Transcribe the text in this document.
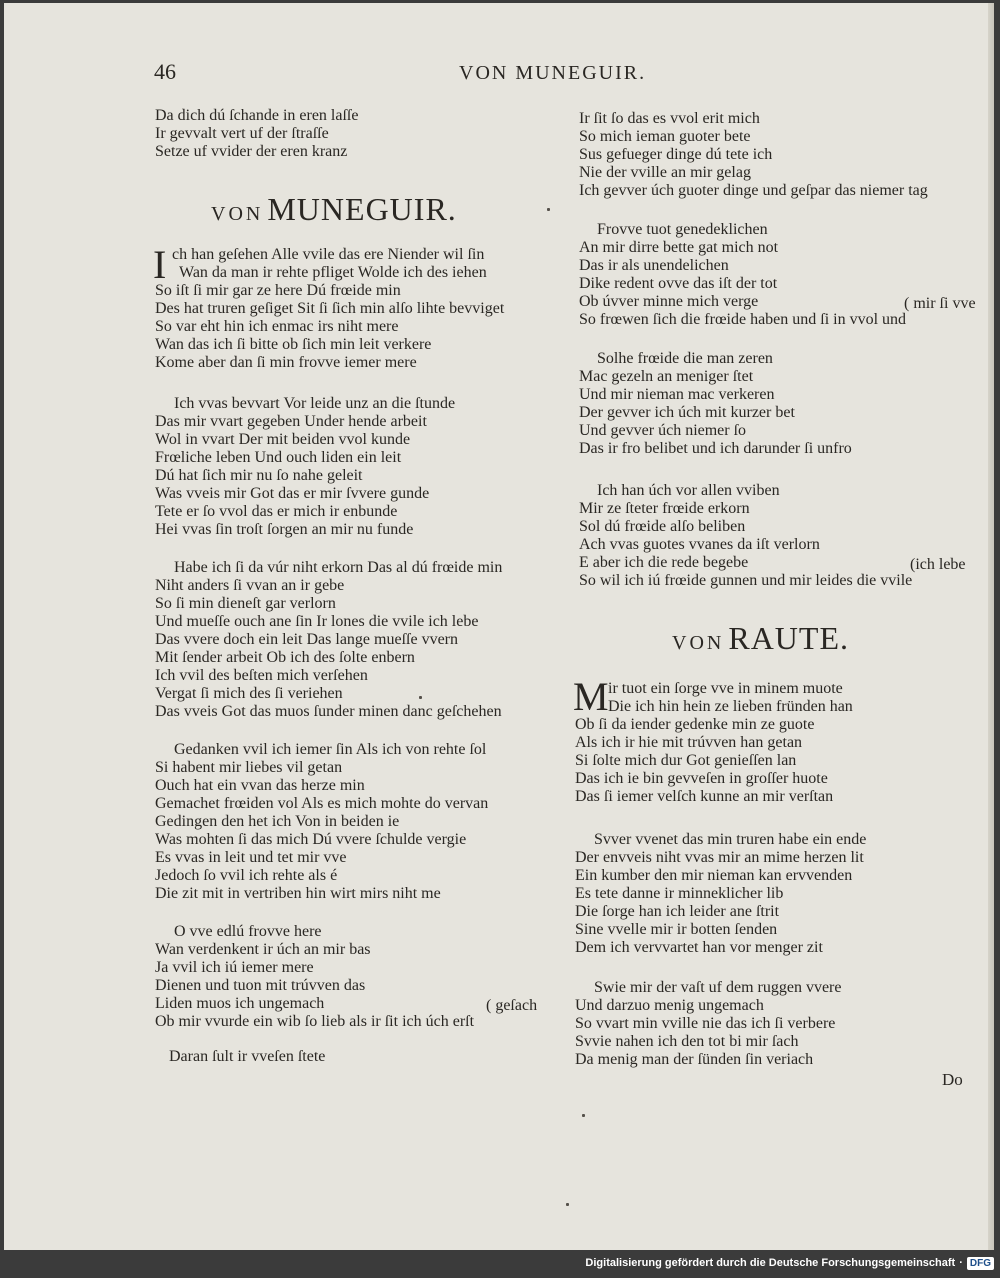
46	VON MUNEGUIR.
Da dich dú ſchande in eren laſſe
Ir gevvalt vert uf der ſtraſſe
Setze uf vvider der eren kranz
VON MUNEGUIR.
I ch han geſehen Alle vvile das ere Niender wil ſin
Wan da man ir rehte pfliget Wolde ich des iehen
So iſt ſi mir gar ze here Dú frœide min
Des hat truren geſiget Sit ſi ſich min alſo lihte bevviget
So var eht hin ich enmac irs niht mere
Wan das ich ſi bitte ob ſich min leit verkere
Kome aber dan ſi min frovve iemer mere
Ich vvas bevvart Vor leide unz an die ſtunde
Das mir vvart gegeben Under hende arbeit
Wol in vvart Der mit beiden vvol kunde
Frœliche leben Und ouch liden ein leit
Dú hat ſich mir nu ſo nahe geleit
Was vveis mir Got das er mir ſvvere gunde
Tete er ſo vvol das er mich ir enbunde
Hei vvas ſin troſt ſorgen an mir nu funde
Habe ich ſi da vúr niht erkorn Das al dú frœide min
Niht anders ſi vvan an ir gebe
So ſi min dieneſt gar verlorn
Und mueſſe ouch ane ſin Ir lones die vvile ich lebe
Das vvere doch ein leit Das lange mueſſe vvern
Mit ſender arbeit Ob ich des ſolte enbern
Ich vvil des beſten mich verſehen
Vergat ſi mich des ſi veriehen
Das vveis Got das muos ſunder minen danc geſchehen
Gedanken vvil ich iemer ſin Als ich von rehte ſol
Si habent mir liebes vil getan
Ouch hat ein vvan das herze min
Gemachet frœiden vol Als es mich mohte do vervan
Gedingen den het ich Von in beiden ie
Was mohten ſi das mich Dú vvere ſchulde vergie
Es vvas in leit und tet mir vve
Jedoch ſo vvil ich rehte als é
Die zit mit in vertriben hin wirt mirs niht me
O vve edlú frovve here
Wan verdenkent ir úch an mir bas
Ja vvil ich iú iemer mere
Dienen und tuon mit trúvven das
Liden muos ich ungemach	( geſach
Ob mir vvurde ein wib ſo lieb als ir ſit ich úch erſt
Daran ſult ir vveſen ſtete
Ir ſit ſo das es vvol erit mich
So mich ieman guoter bete
Sus gefueger dinge dú tete ich
Nie der vville an mir gelag
Ich gevver úch guoter dinge und geſpar das niemer tag
Frovve tuot genedeklichen
An mir dirre bette gat mich not
Das ir als unendelichen
Dike redent ovve das iſt der tot
Ob úvver minne mich verge	( mir ſi vve
So frœwen ſich die frœide haben und ſi in vvol und
Solhe frœide die man zeren
Mac gezeln an meniger ſtet
Und mir nieman mac verkeren
Der gevver ich úch mit kurzer bet
Und gevver úch niemer ſo
Das ir fro belibet und ich darunder ſi unfro
Ich han úch vor allen vviben
Mir ze ſteter frœide erkorn
Sol dú frœide alſo beliben
Ach vvas guotes vvanes da iſt verlorn
E aber ich die rede begebe	(ich lebe
So wil ich iú frœide gunnen und mir leides die vvile
VON RAUTE.
M ir tuot ein ſorge vve in minem muote
Die ich hin hein ze lieben fründen han
Ob ſi da iender gedenke min ze guote
Als ich ir hie mit trúvven han getan
Si ſolte mich dur Got genieſſen lan
Das ich ie bin gevveſen in groſſer huote
Das ſi iemer velſch kunne an mir verſtan
Svver vvenet das min truren habe ein ende
Der envveis niht vvas mir an mime herzen lit
Ein kumber den mir nieman kan ervvenden
Es tete danne ir minneklicher lib
Die ſorge han ich leider ane ſtrit
Sine vvelle mir ir botten ſenden
Dem ich vervvartet han vor menger zit
Swie mir der vaſt uf dem ruggen vvere
Und darzuo menig ungemach
So vvart min vville nie das ich ſi verbere
Svvie nahen ich den tot bi mir ſach
Da menig man der ſünden ſin veriach
Do
Digitalisierung gefördert durch die Deutsche Forschungsgemeinschaft · DFG
